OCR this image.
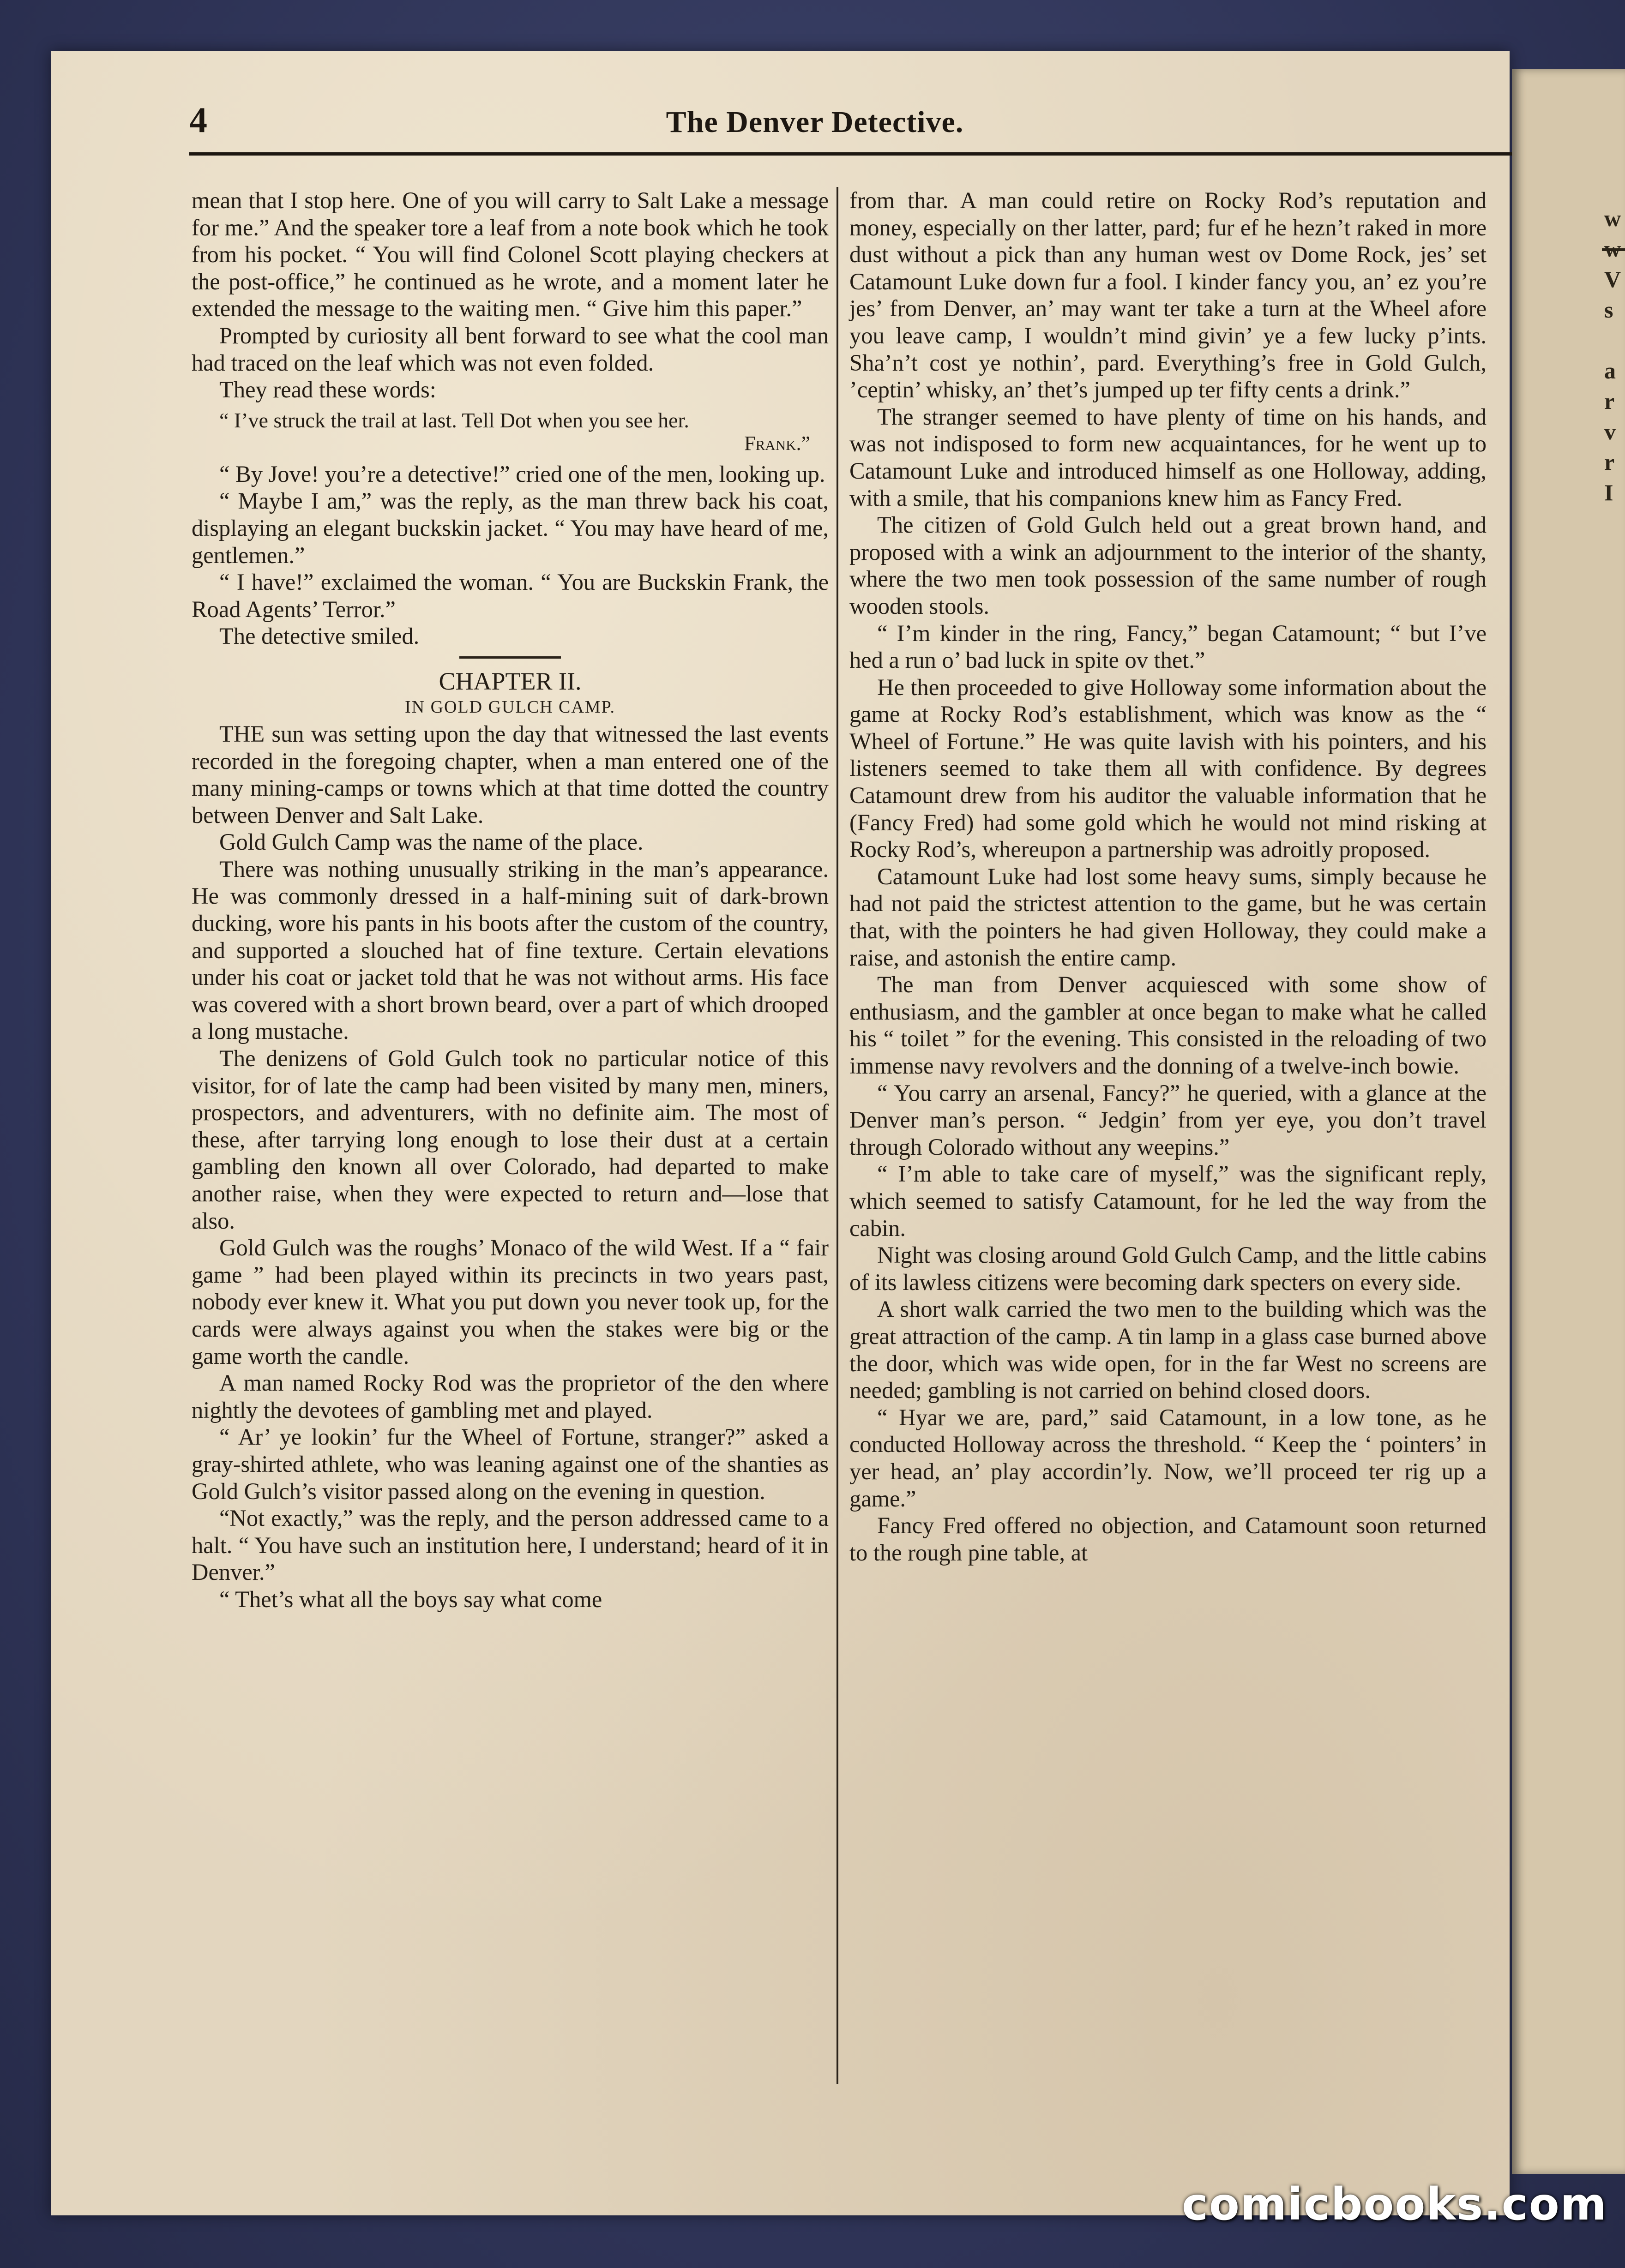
w
w
V
s

a
r
v
r
I
4	The Denver Detective.

mean that I stop here. One of you will carry to Salt Lake a message for me.” And the speaker tore a leaf from a note book which he took from his pocket. “ You will find Colonel Scott playing checkers at the post-office,” he continued as he wrote, and a moment later he extended the message to the waiting men. “ Give him this paper.”

Prompted by curiosity all bent forward to see what the cool man had traced on the leaf which was not even folded.

They read these words:

“ I’ve struck the trail at last. Tell Dot when you see her.
Frank.”

“ By Jove! you’re a detective!” cried one of the men, looking up.

“ Maybe I am,” was the reply, as the man threw back his coat, displaying an elegant buckskin jacket. “ You may have heard of me, gentlemen.”

“ I have!” exclaimed the woman. “ You are Buckskin Frank, the Road Agents’ Terror.”

The detective smiled.

CHAPTER II.

IN GOLD GULCH CAMP.

THE sun was setting upon the day that witnessed the last events recorded in the foregoing chapter, when a man entered one of the many mining-camps or towns which at that time dotted the country between Denver and Salt Lake.

Gold Gulch Camp was the name of the place.

There was nothing unusually striking in the man’s appearance. He was commonly dressed in a half-mining suit of dark-brown ducking, wore his pants in his boots after the custom of the country, and supported a slouched hat of fine texture. Certain elevations under his coat or jacket told that he was not without arms. His face was covered with a short brown beard, over a part of which drooped a long mustache.

The denizens of Gold Gulch took no particular notice of this visitor, for of late the camp had been visited by many men, miners, prospectors, and adventurers, with no definite aim. The most of these, after tarrying long enough to lose their dust at a certain gambling den known all over Colorado, had departed to make another raise, when they were expected to return and—lose that also.

Gold Gulch was the roughs’ Monaco of the wild West. If a “ fair game ” had been played within its precincts in two years past, nobody ever knew it. What you put down you never took up, for the cards were always against you when the stakes were big or the game worth the candle.

A man named Rocky Rod was the proprietor of the den where nightly the devotees of gambling met and played.

“ Ar’ ye lookin’ fur the Wheel of Fortune, stranger?” asked a gray-shirted athlete, who was leaning against one of the shanties as Gold Gulch’s visitor passed along on the evening in question.

“Not exactly,” was the reply, and the person addressed came to a halt. “ You have such an institution here, I understand; heard of it in Denver.”

“ Thet’s what all the boys say what come

from thar. A man could retire on Rocky Rod’s reputation and money, especially on ther latter, pard; fur ef he hezn’t raked in more dust without a pick than any human west ov Dome Rock, jes’ set Catamount Luke down fur a fool. I kinder fancy you, an’ ez you’re jes’ from Denver, an’ may want ter take a turn at the Wheel afore you leave camp, I wouldn’t mind givin’ ye a few lucky p’ints. Sha’n’t cost ye nothin’, pard. Everything’s free in Gold Gulch, ’ceptin’ whisky, an’ thet’s jumped up ter fifty cents a drink.”

The stranger seemed to have plenty of time on his hands, and was not indisposed to form new acquaintances, for he went up to Catamount Luke and introduced himself as one Holloway, adding, with a smile, that his companions knew him as Fancy Fred.

The citizen of Gold Gulch held out a great brown hand, and proposed with a wink an adjournment to the interior of the shanty, where the two men took possession of the same number of rough wooden stools.

“ I’m kinder in the ring, Fancy,” began Catamount; “ but I’ve hed a run o’ bad luck in spite ov thet.”

He then proceeded to give Holloway some information about the game at Rocky Rod’s establishment, which was know as the “ Wheel of Fortune.” He was quite lavish with his pointers, and his listeners seemed to take them all with confidence. By degrees Catamount drew from his auditor the valuable information that he (Fancy Fred) had some gold which he would not mind risking at Rocky Rod’s, whereupon a partnership was adroitly proposed.

Catamount Luke had lost some heavy sums, simply because he had not paid the strictest attention to the game, but he was certain that, with the pointers he had given Holloway, they could make a raise, and astonish the entire camp.

The man from Denver acquiesced with some show of enthusiasm, and the gambler at once began to make what he called his “ toilet ” for the evening. This consisted in the reloading of two immense navy revolvers and the donning of a twelve-inch bowie.

“ You carry an arsenal, Fancy?” he queried, with a glance at the Denver man’s person. “ Jedgin’ from yer eye, you don’t travel through Colorado without any weepins.”

“ I’m able to take care of myself,” was the significant reply, which seemed to satisfy Catamount, for he led the way from the cabin.

Night was closing around Gold Gulch Camp, and the little cabins of its lawless citizens were becoming dark specters on every side.

A short walk carried the two men to the building which was the great attraction of the camp. A tin lamp in a glass case burned above the door, which was wide open, for in the far West no screens are needed; gambling is not carried on behind closed doors.

“ Hyar we are, pard,” said Catamount, in a low tone, as he conducted Holloway across the threshold. “ Keep the ‘ pointers’ in yer head, an’ play accordin’ly. Now, we’ll proceed ter rig up a game.”

Fancy Fred offered no objection, and Catamount soon returned to the rough pine table, at

comicbooks.com
